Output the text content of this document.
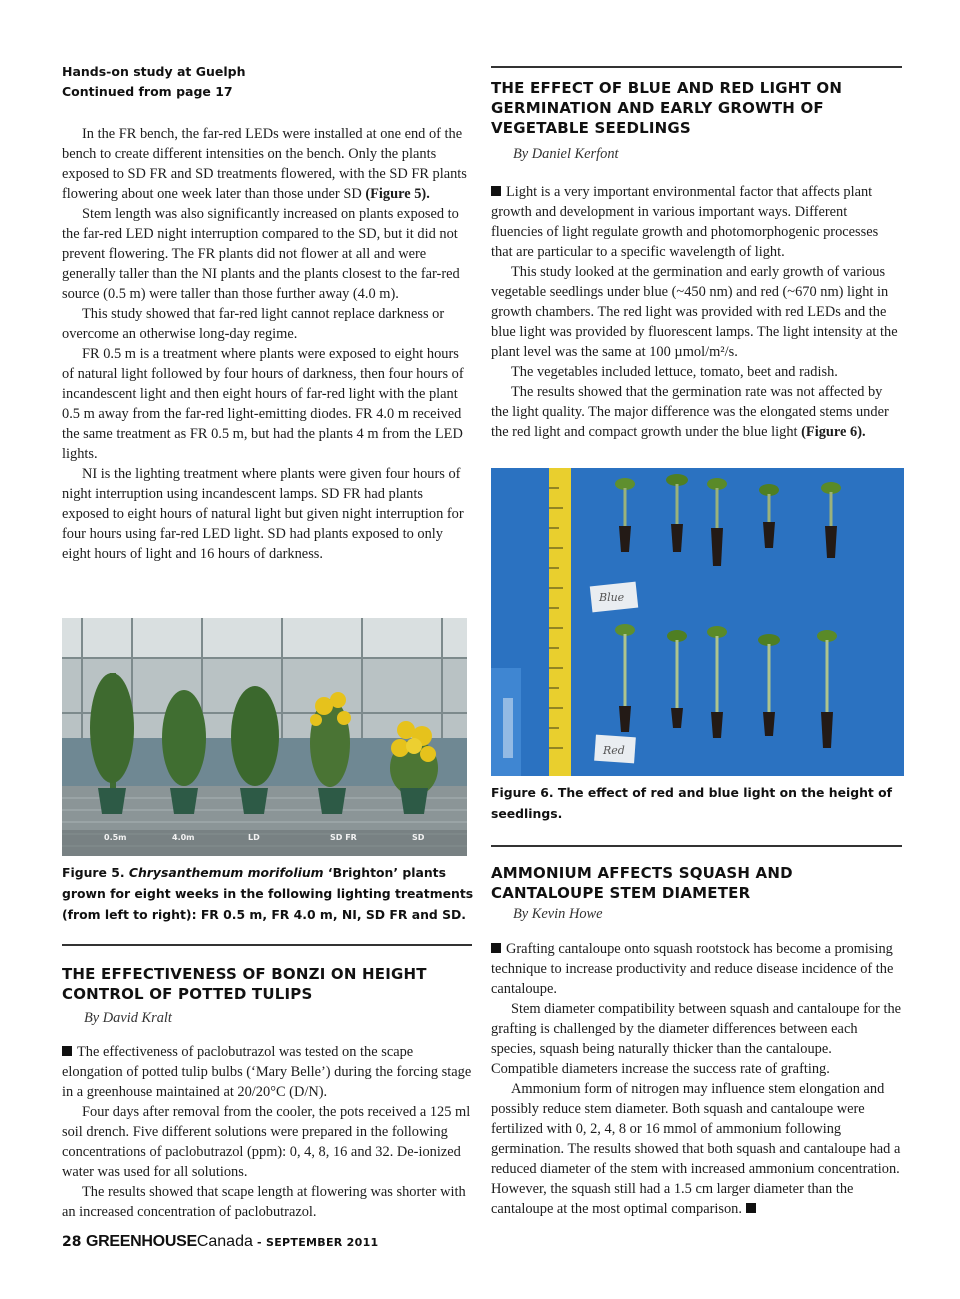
Hands-on study at Guelph
Continued from page 17

In the FR bench, the far-red LEDs were installed at one end of the bench to create different intensities on the bench. Only the plants exposed to SD FR and SD treatments flowered, with the SD FR plants flowering about one week later than those under SD (Figure 5).

Stem length was also significantly increased on plants exposed to the far-red LED night interruption compared to the SD, but it did not prevent flowering. The FR plants did not flower at all and were generally taller than the NI plants and the plants closest to the far-red source (0.5 m) were taller than those further away (4.0 m).

This study showed that far-red light cannot replace darkness or overcome an otherwise long-day regime.

FR 0.5 m is a treatment where plants were exposed to eight hours of natural light followed by four hours of darkness, then four hours of incandescent light and then eight hours of far-red light with the plant 0.5 m away from the far-red light-emitting diodes. FR 4.0 m received the same treatment as FR 0.5 m, but had the plants 4 m from the LED lights.

NI is the lighting treatment where plants were given four hours of night interruption using incandescent lamps. SD FR had plants exposed to eight hours of natural light but given night interruption for four hours using far-red LED light. SD had plants exposed to only eight hours of light and 16 hours of darkness.

0.5m	4.0m	LD	SD FR	SD
Figure 5. Chrysanthemum morifolium ‘Brighton’ plants grown for eight weeks in the following lighting treatments (from left to right): FR 0.5 m, FR 4.0 m, NI, SD FR and SD.
THE EFFECTIVENESS OF BONZI ON HEIGHT CONTROL OF POTTED TULIPS
By David Kralt

The effectiveness of paclobutrazol was tested on the scape elongation of potted tulip bulbs (‘Mary Belle’) during the forcing stage in a greenhouse maintained at 20/20°C (D/N).

Four days after removal from the cooler, the pots received a 125 ml soil drench. Five different solutions were prepared in the following concentrations of paclobutrazol (ppm): 0, 4, 8, 16 and 32. De-ionized water was used for all solutions.

The results showed that scape length at flowering was shorter with an increased concentration of paclobutrazol.

THE EFFECT OF BLUE AND RED LIGHT ON GERMINATION AND EARLY GROWTH OF VEGETABLE SEEDLINGS
By Daniel Kerfont

Light is a very important environmental factor that affects plant growth and development in various important ways. Different fluencies of light regulate growth and photomorphogenic processes that are particular to a specific wavelength of light.

This study looked at the germination and early growth of various vegetable seedlings under blue (~450 nm) and red (~670 nm) light in growth chambers. The red light was provided with red LEDs and the blue light was provided by fluorescent lamps. The light intensity at the plant level was the same at 100 µmol/m²/s.

The vegetables included lettuce, tomato, beet and radish.

The results showed that the germination rate was not affected by the light quality. The major difference was the elongated stems under the red light and compact growth under the blue light (Figure 6).

Blue
Red
Figure 6. The effect of red and blue light on the height of seedlings.
AMMONIUM AFFECTS SQUASH AND CANTALOUPE STEM DIAMETER
By Kevin Howe

Grafting cantaloupe onto squash rootstock has become a promising technique to increase productivity and reduce disease incidence of the cantaloupe.

Stem diameter compatibility between squash and cantaloupe for the grafting is challenged by the diameter differences between each species, squash being naturally thicker than the cantaloupe. Compatible diameters increase the success rate of grafting.

Ammonium form of nitrogen may influence stem elongation and possibly reduce stem diameter. Both squash and cantaloupe were fertilized with 0, 2, 4, 8 or 16 mmol of ammonium following germination. The results showed that both squash and cantaloupe had a reduced diameter of the stem with increased ammonium concentration. However, the squash still had a 1.5 cm larger diameter than the cantaloupe at the most optimal comparison.

28 GREENHOUSECanada - SEPTEMBER 2011
